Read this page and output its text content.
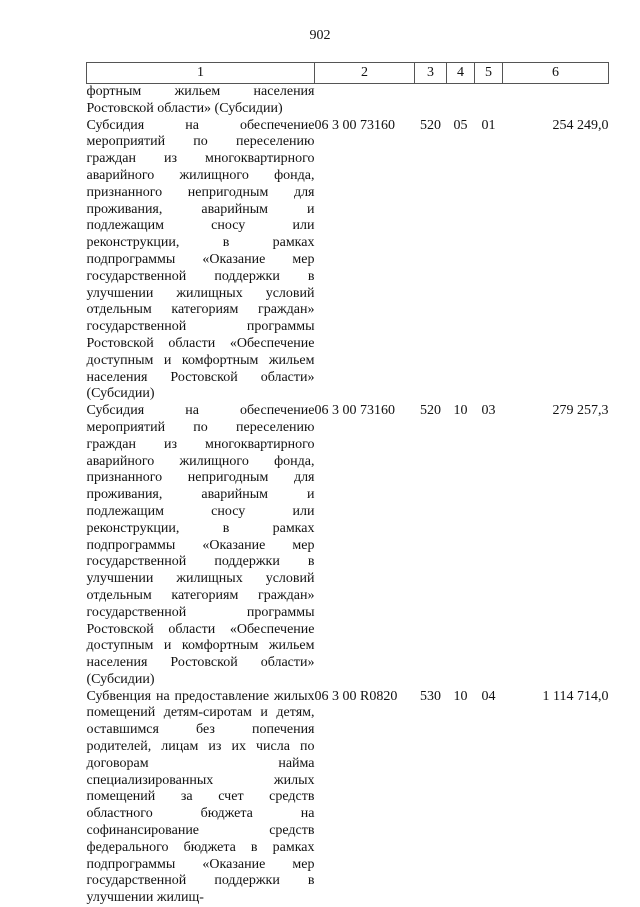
902
1	2	3	4	5	6
фортным жильем населения Ростовской области» (Субсидии)					
Субсидия на обеспечение мероприятий по переселению граждан из многоквартирного аварийного жилищного фонда, признанного непригодным для проживания, аварийным и подлежащим сносу или реконструкции, в рамках подпрограммы «Оказание мер государственной поддержки в улучшении жилищных условий отдельным категориям граждан» государственной программы Ростовской области «Обеспечение доступным и комфортным жильем населения Ростовской области» (Субсидии)	06 3 00 73160	520	05	01	254 249,0
Субсидия на обеспечение мероприятий по переселению граждан из многоквартирного аварийного жилищного фонда, признанного непригодным для проживания, аварийным и подлежащим сносу или реконструкции, в рамках подпрограммы «Оказание мер государственной поддержки в улучшении жилищных условий отдельным категориям граждан» государственной программы Ростовской области «Обеспечение доступным и комфортным жильем населения Ростовской области» (Субсидии)	06 3 00 73160	520	10	03	279 257,3
Субвенция на предоставление жилых помещений детям-сиротам и детям, оставшимся без попечения родителей, лицам из их числа по договорам найма специализированных жилых помещений за счет средств областного бюджета на софинансирование средств федерального бюджета в рамках подпрограммы «Оказание мер государственной поддержки в улучшении жилищ-	06 3 00 R0820	530	10	04	1 114 714,0
